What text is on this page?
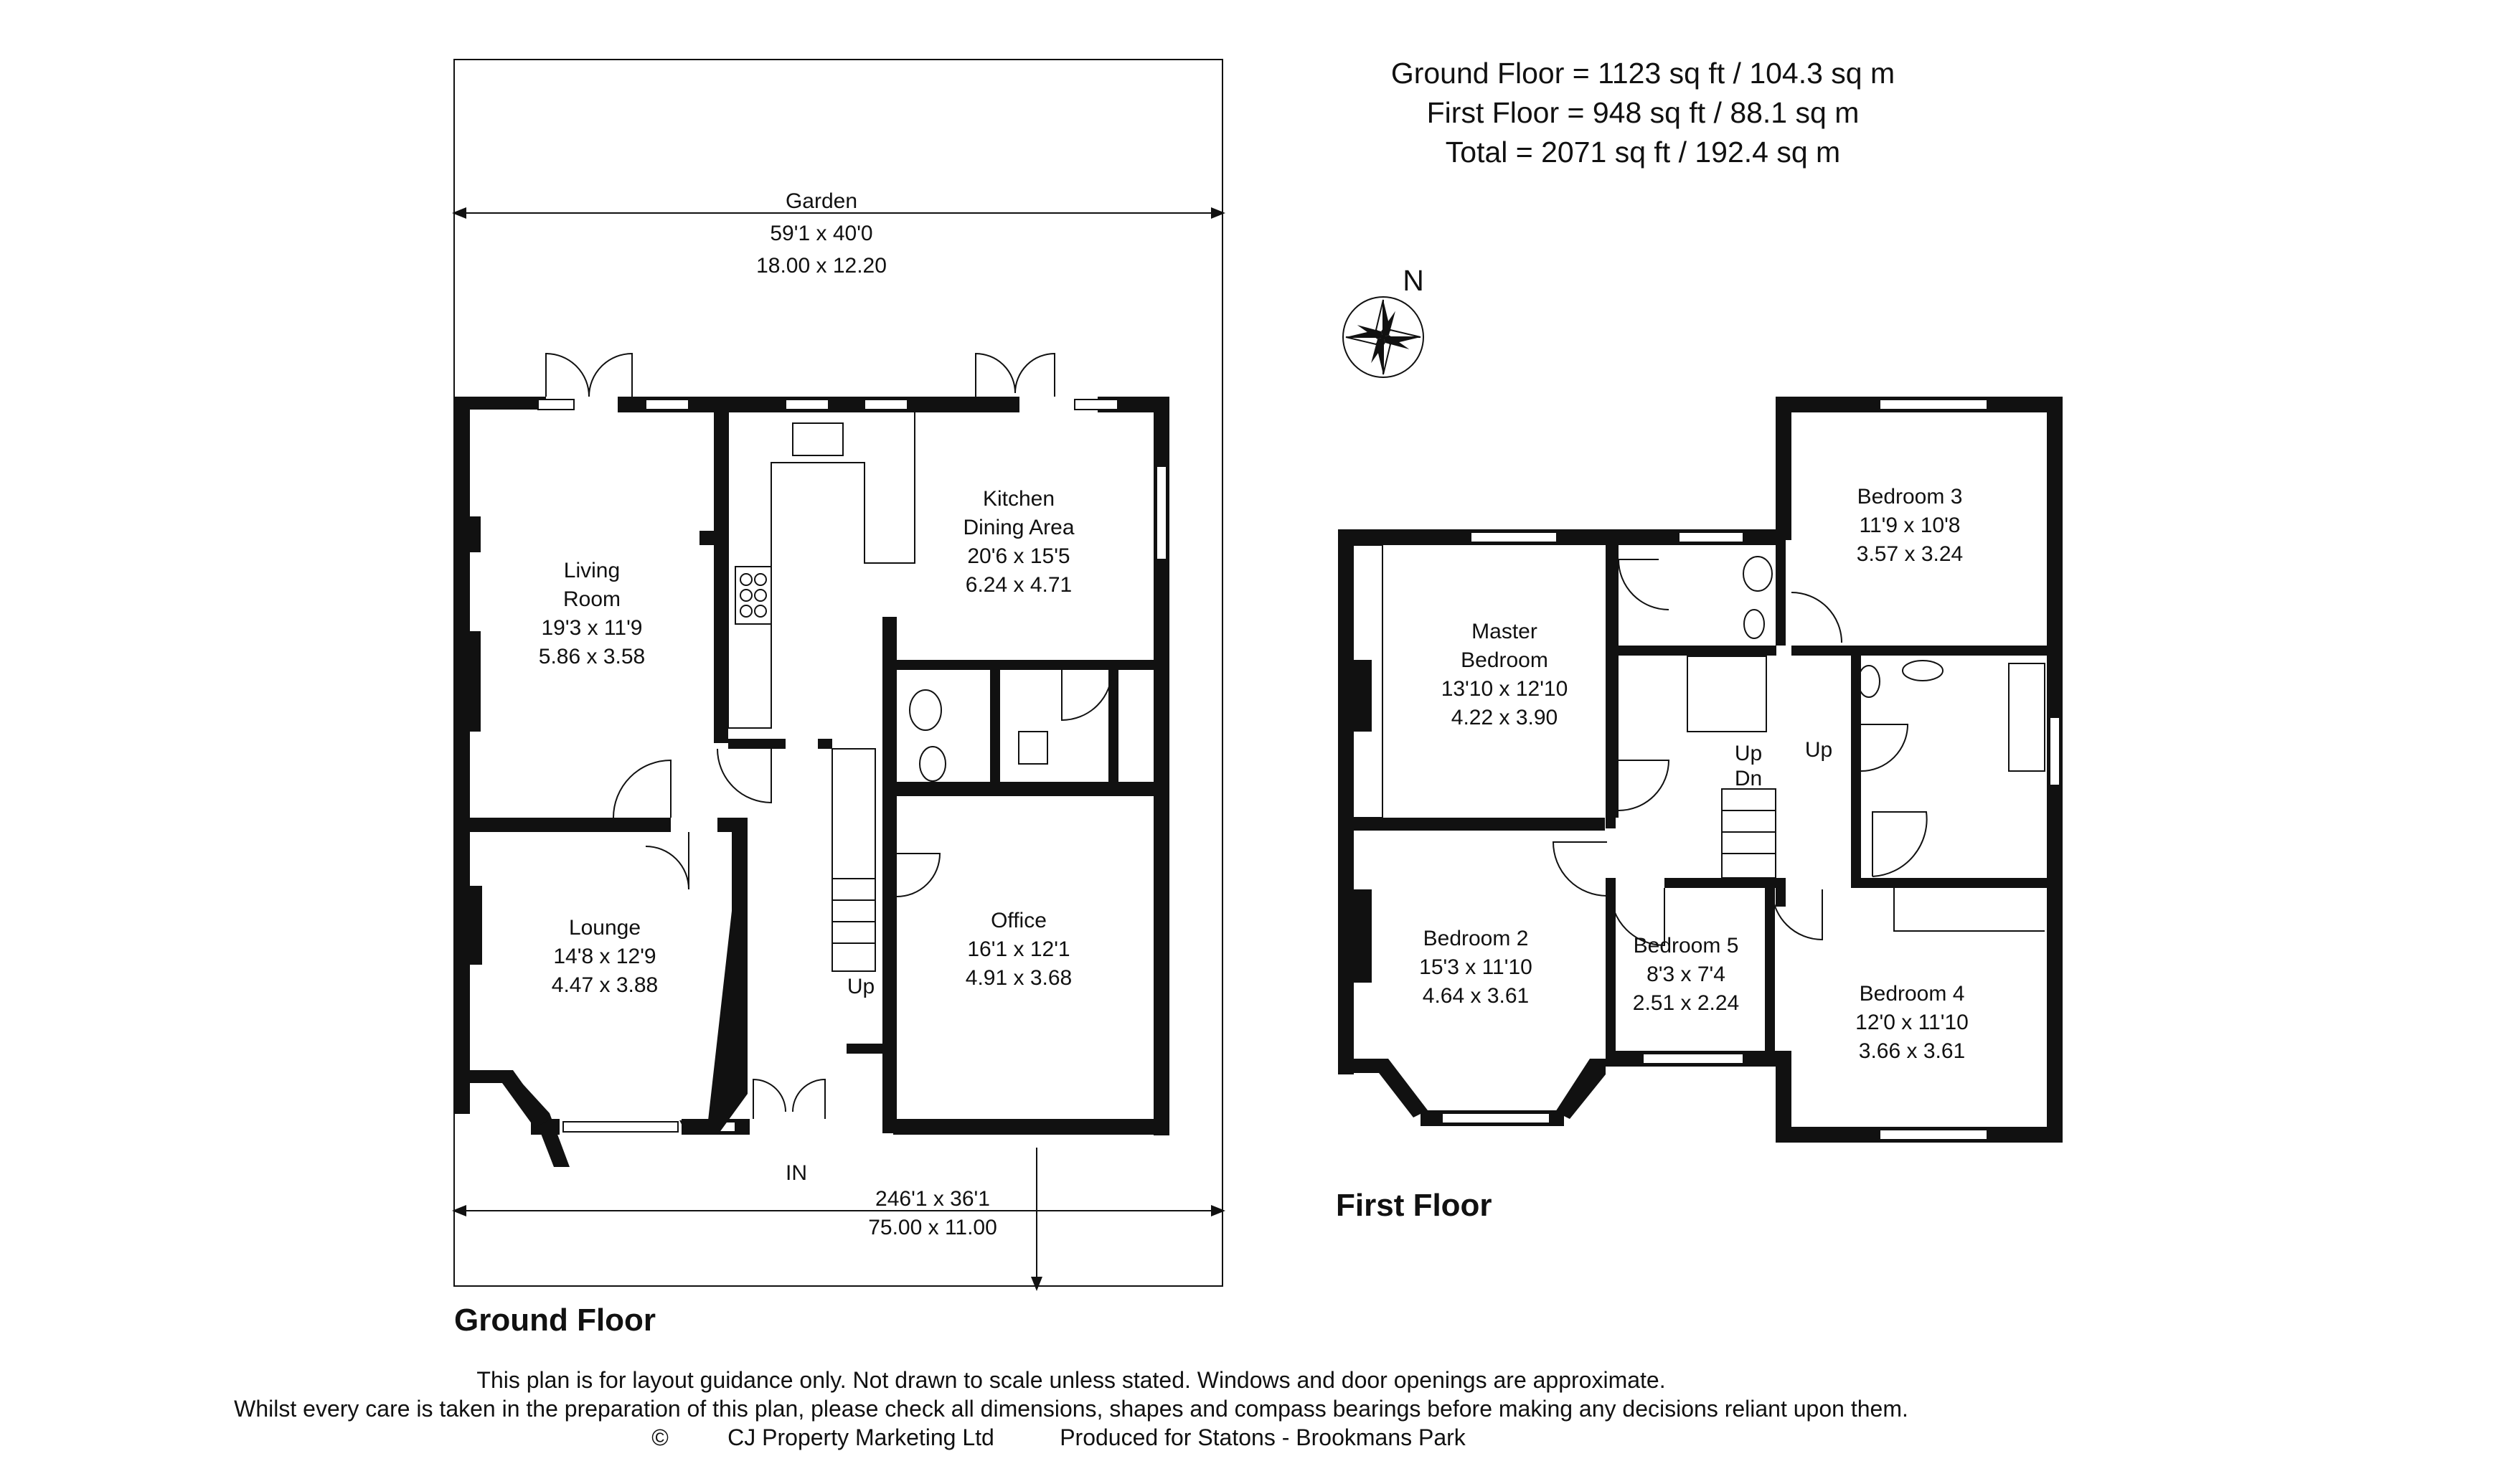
Ground Floor = 1123 sq ft / 104.3 sq m
First Floor = 948 sq ft / 88.1 sq m
Total = 2071 sq ft / 192.4 sq m
N
Garden
59'1 x 40'0
18.00 x 12.20
Up
Living
Room
19'3 x 11'9
5.86 x 3.58
Kitchen
Dining Area
20'6 x 15'5
6.24 x 4.71
Lounge
14'8 x 12'9
4.47 x 3.88
Office
16'1 x 12'1
4.91 x 3.68
IN
246'1 x 36'1
75.00 x 11.00
Ground Floor
Up
Dn
Up
Master
Bedroom
13'10 x 12'10
4.22 x 3.90
Bedroom 3
11'9 x 10'8
3.57 x 3.24
Bedroom 2
15'3 x 11'10
4.64 x 3.61
Bedroom 5
8'3 x 7'4
2.51 x 2.24	Bedroom 4
12'0 x 11'10
3.66 x 3.61
First Floor
This plan is for layout guidance only. Not drawn to scale unless stated. Windows and door openings are approximate.
Whilst every care is taken in the preparation of this plan, please check all dimensions, shapes and compass bearings before making any decisions reliant upon them.
©	CJ Property Marketing Ltd	Produced for Statons - Brookmans Park
